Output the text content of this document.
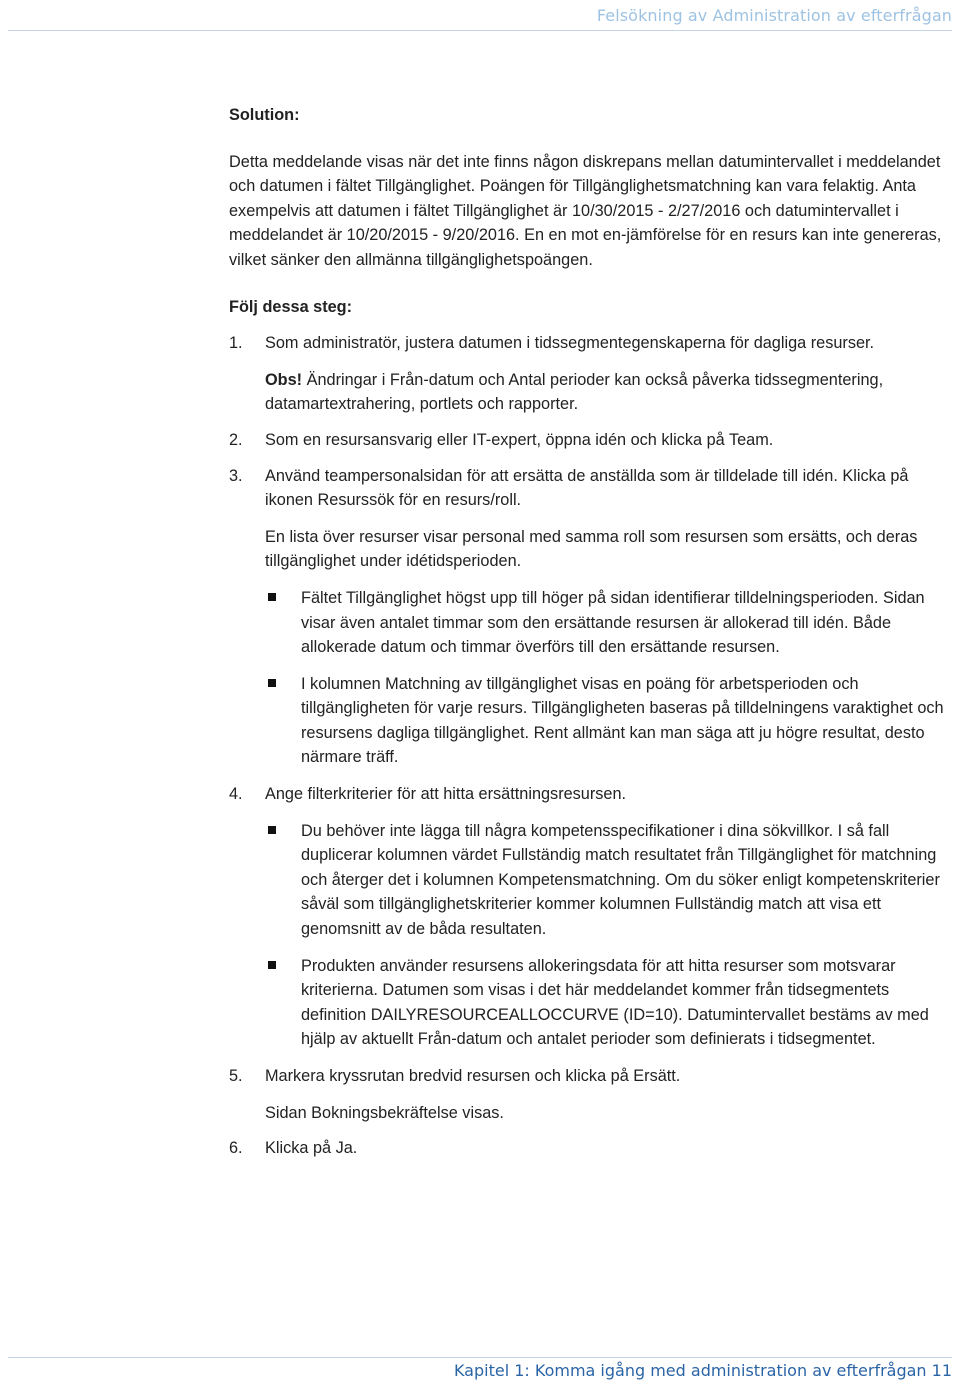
Felsökning av Administration av efterfrågan
Solution:

Detta meddelande visas när det inte finns någon diskrepans mellan datumintervallet i meddelandet och datumen i fältet Tillgänglighet. Poängen för Tillgänglighetsmatchning kan vara felaktig. Anta exempelvis att datumen i fältet Tillgänglighet är 10/30/2015 - 2/27/2016 och datumintervallet i meddelandet är 10/20/2015 - 9/20/2016. En en mot en-jämförelse för en resurs kan inte genereras, vilket sänker den allmänna tillgänglighetspoängen.

Följ dessa steg:
1.	Som administratör, justera datumen i tidssegmentegenskaperna för dagliga resurser.

Obs! Ändringar i Från-datum och Antal perioder kan också påverka tidssegmentering, datamartextrahering, portlets och rapporter.

2.	Som en resursansvarig eller IT-expert, öppna idén och klicka på Team.

3.	Använd teampersonalsidan för att ersätta de anställda som är tilldelade till idén. Klicka på ikonen Resurssök för en resurs/roll.

En lista över resurser visar personal med samma roll som resursen som ersätts, och deras tillgänglighet under idétidsperioden.

Fältet Tillgänglighet högst upp till höger på sidan identifierar tilldelningsperioden. Sidan visar även antalet timmar som den ersättande resursen är allokerad till idén. Både allokerade datum och timmar överförs till den ersättande resursen.
I kolumnen Matchning av tillgänglighet visas en poäng för arbetsperioden och tillgängligheten för varje resurs. Tillgängligheten baseras på tilldelningens varaktighet och resursens dagliga tillgänglighet. Rent allmänt kan man säga att ju högre resultat, desto närmare träff.
4.	Ange filterkriterier för att hitta ersättningsresursen.

Du behöver inte lägga till några kompetensspecifikationer i dina sökvillkor. I så fall duplicerar kolumnen värdet Fullständig match resultatet från Tillgänglighet för matchning och återger det i kolumnen Kompetensmatchning. Om du söker enligt kompetenskriterier såväl som tillgänglighetskriterier kommer kolumnen Fullständig match att visa ett genomsnitt av de båda resultaten.
Produkten använder resursens allokeringsdata för att hitta resurser som motsvarar kriterierna. Datumen som visas i det här meddelandet kommer från tidsegmentets definition DAILYRESOURCEALLOCCURVE (ID=10). Datumintervallet bestäms av med hjälp av aktuellt Från-datum och antalet perioder som definierats i tidsegmentet.
5.	Markera kryssrutan bredvid resursen och klicka på Ersätt.

Sidan Bokningsbekräftelse visas.

6.	Klicka på Ja.

Kapitel 1: Komma igång med administration av efterfrågan 11
